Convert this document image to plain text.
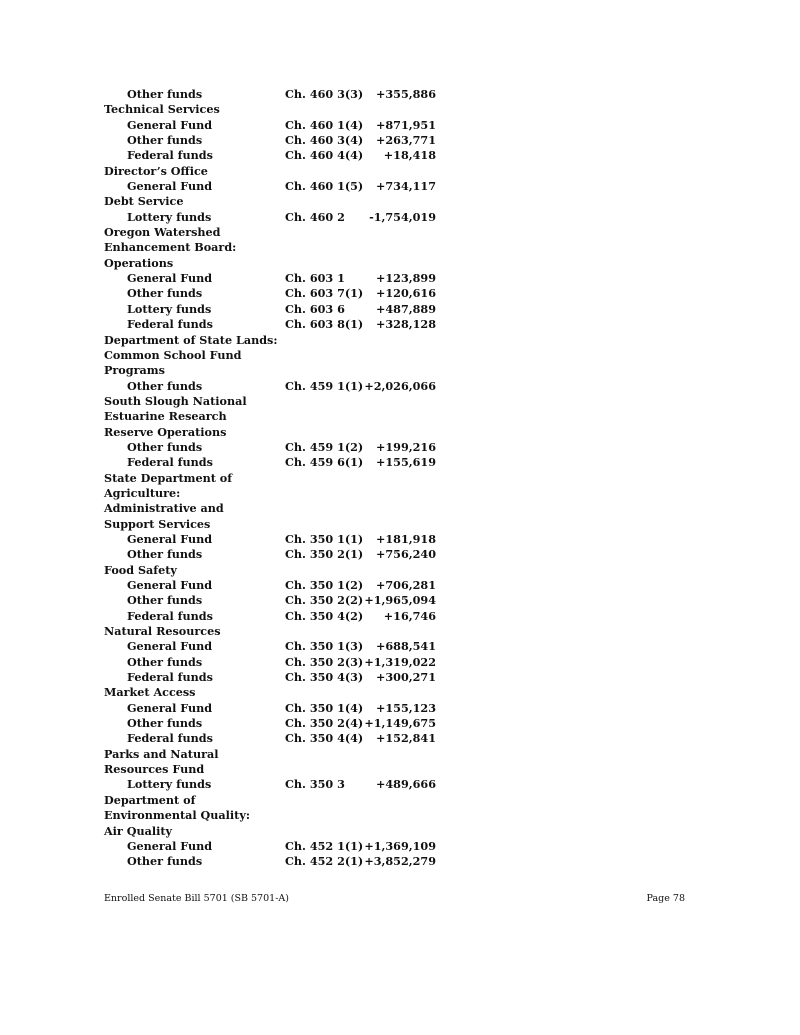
Other funds	Ch. 460 3(3) +355,886
Technical Services
General Fund	Ch. 460 1(4) +871,951
Other funds	Ch. 460 3(4) +263,771
Federal funds	Ch. 460 4(4) +18,418
Director’s Office
General Fund	Ch. 460 1(5) +734,117
Debt Service
Lottery funds	Ch. 460 2 -1,754,019
Oregon Watershed
Enhancement Board:
Operations
General Fund	Ch. 603 1	+123,899
Other funds	Ch. 603 7(1) +120,616
Lottery funds	Ch. 603 6	+487,889
Federal funds	Ch. 603 8(1) +328,128
Department of State Lands:
Common School Fund
Programs
Other funds	Ch. 459 1(1) +2,026,066
South Slough National
Estuarine Research
Reserve Operations
Other funds	Ch. 459 1(2) +199,216
Federal funds	Ch. 459 6(1) +155,619
State Department of
Agriculture:
Administrative and
Support Services
General Fund	Ch. 350 1(1) +181,918
Other funds	Ch. 350 2(1) +756,240
Food Safety
General Fund	Ch. 350 1(2) +706,281
Other funds	Ch. 350 2(2) +1,965,094
Federal funds	Ch. 350 4(2) +16,746
Natural Resources
General Fund	Ch. 350 1(3) +688,541
Other funds	Ch. 350 2(3) +1,319,022
Federal funds	Ch. 350 4(3) +300,271
Market Access
General Fund	Ch. 350 1(4) +155,123
Other funds	Ch. 350 2(4) +1,149,675
Federal funds	Ch. 350 4(4) +152,841
Parks and Natural
Resources Fund
Lottery funds	Ch. 350 3	+489,666
Department of
Environmental Quality:
Air Quality
General Fund	Ch. 452 1(1) +1,369,109
Other funds	Ch. 452 2(1) +3,852,279
Enrolled Senate Bill 5701 (SB 5701-A)	Page 78
